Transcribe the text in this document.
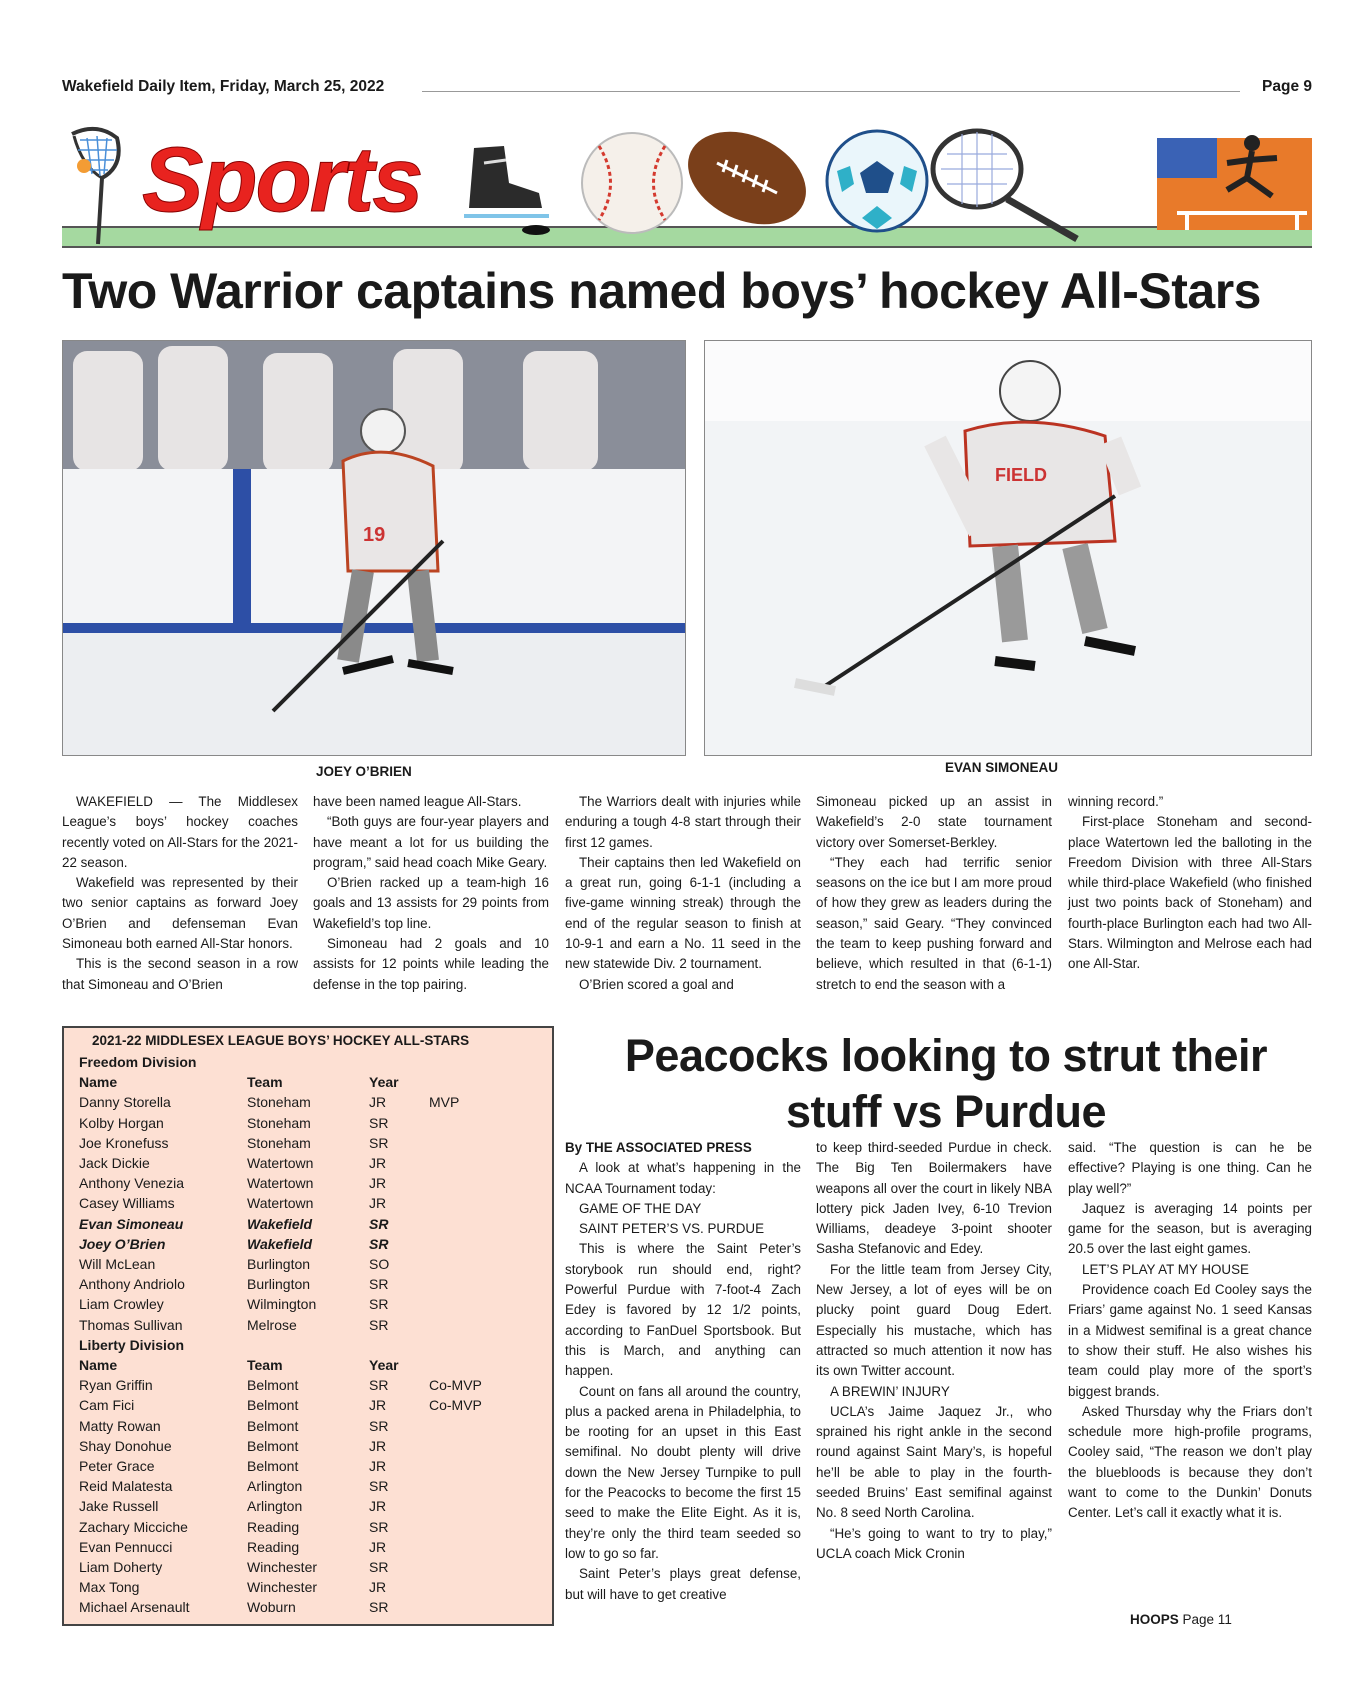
Wakefield Daily Item, Friday, March 25, 2022	Page 9
Sports
Two Warrior captains named boys’ hockey All-Stars
19
FIELD
JOEY O’BRIEN	EVAN SIMONEAU

WAKEFIELD — The Middlesex League’s boys’ hockey coaches recently voted on All-Stars for the 2021-22 season.

Wakefield was represented by their two senior captains as forward Joey O’Brien and defenseman Evan Simoneau both earned All-Star honors.

This is the second season in a row that Simoneau and O’Brien

have been named league All-Stars.

“Both guys are four-year players and have meant a lot for us building the program,” said head coach Mike Geary.

O’Brien racked up a team-high 16 goals and 13 assists for 29 points from Wakefield’s top line.

Simoneau had 2 goals and 10 assists for 12 points while leading the defense in the top pairing.

The Warriors dealt with injuries while enduring a tough 4-8 start through their first 12 games.

Their captains then led Wakefield on a great run, going 6-1-1 (including a five-game winning streak) through the end of the regular season to finish at 10-9-1 and earn a No. 11 seed in the new statewide Div. 2 tournament.

O’Brien scored a goal and

Simoneau picked up an assist in Wakefield’s 2-0 state tournament victory over Somerset-Berkley.

“They each had terrific senior seasons on the ice but I am more proud of how they grew as leaders during the season,” said Geary. “They convinced the team to keep pushing forward and believe, which resulted in that (6-1-1) stretch to end the season with a

winning record.”

First-place Stoneham and second-place Watertown led the balloting in the Freedom Division with three All-Stars while third-place Wakefield (who finished just two points back of Stoneham) and fourth-place Burlington each had two All-Stars. Wilmington and Melrose each had one All-Star.

2021-22 MIDDLESEX LEAGUE BOYS’ HOCKEY ALL-STARS
Freedom Division
Name	Team	Year
Danny Storella	Stoneham	JR	MVP
Kolby Horgan	Stoneham	SR
Joe Kronefuss	Stoneham	SR
Jack Dickie	Watertown	JR
Anthony Venezia	Watertown	JR
Casey Williams	Watertown	JR
Evan Simoneau	Wakefield	SR
Joey O’Brien	Wakefield	SR
Will McLean	Burlington	SO
Anthony Andriolo	Burlington	SR
Liam Crowley	Wilmington	SR
Thomas Sullivan	Melrose	SR
Liberty Division
Name	Team	Year
Ryan Griffin	Belmont	SR	Co-MVP
Cam Fici	Belmont	JR	Co-MVP
Matty Rowan	Belmont	SR
Shay Donohue	Belmont	JR
Peter Grace	Belmont	JR
Reid Malatesta	Arlington	SR
Jake Russell	Arlington	JR
Zachary Micciche	Reading	SR
Evan Pennucci	Reading	JR
Liam Doherty	Winchester	SR
Max Tong	Winchester	JR
Michael Arsenault	Woburn	SR
Peacocks looking to strut their stuff vs Purdue

By THE ASSOCIATED PRESS

A look at what’s happening in the NCAA Tournament today:

GAME OF THE DAY

SAINT PETER’S VS. PURDUE

This is where the Saint Peter’s storybook run should end, right? Powerful Purdue with 7-foot-4 Zach Edey is favored by 12 1/2 points, according to FanDuel Sportsbook. But this is March, and anything can happen.

Count on fans all around the country, plus a packed arena in Philadelphia, to be rooting for an upset in this East semifinal. No doubt plenty will drive down the New Jersey Turnpike to pull for the Peacocks to become the first 15 seed to make the Elite Eight. As it is, they’re only the third team seeded so low to go so far.

Saint Peter’s plays great defense, but will have to get creative

to keep third-seeded Purdue in check. The Big Ten Boilermakers have weapons all over the court in likely NBA lottery pick Jaden Ivey, 6-10 Trevion Williams, deadeye 3-point shooter Sasha Stefanovic and Edey.

For the little team from Jersey City, New Jersey, a lot of eyes will be on plucky point guard Doug Edert. Especially his mustache, which has attracted so much attention it now has its own Twitter account.

A BREWIN’ INJURY

UCLA’s Jaime Jaquez Jr., who sprained his right ankle in the second round against Saint Mary’s, is hopeful he’ll be able to play in the fourth-seeded Bruins’ East semifinal against No. 8 seed North Carolina.

“He’s going to want to try to play,” UCLA coach Mick Cronin

said. “The question is can he be effective? Playing is one thing. Can he play well?”

Jaquez is averaging 14 points per game for the season, but is averaging 20.5 over the last eight games.

LET’S PLAY AT MY HOUSE

Providence coach Ed Cooley says the Friars’ game against No. 1 seed Kansas in a Midwest semifinal is a great chance to show their stuff. He also wishes his team could play more of the sport’s biggest brands.

Asked Thursday why the Friars don’t schedule more high-profile programs, Cooley said, “The reason we don’t play the bluebloods is because they don’t want to come to the Dunkin’ Donuts Center. Let’s call it exactly what it is.

HOOPS Page 11
